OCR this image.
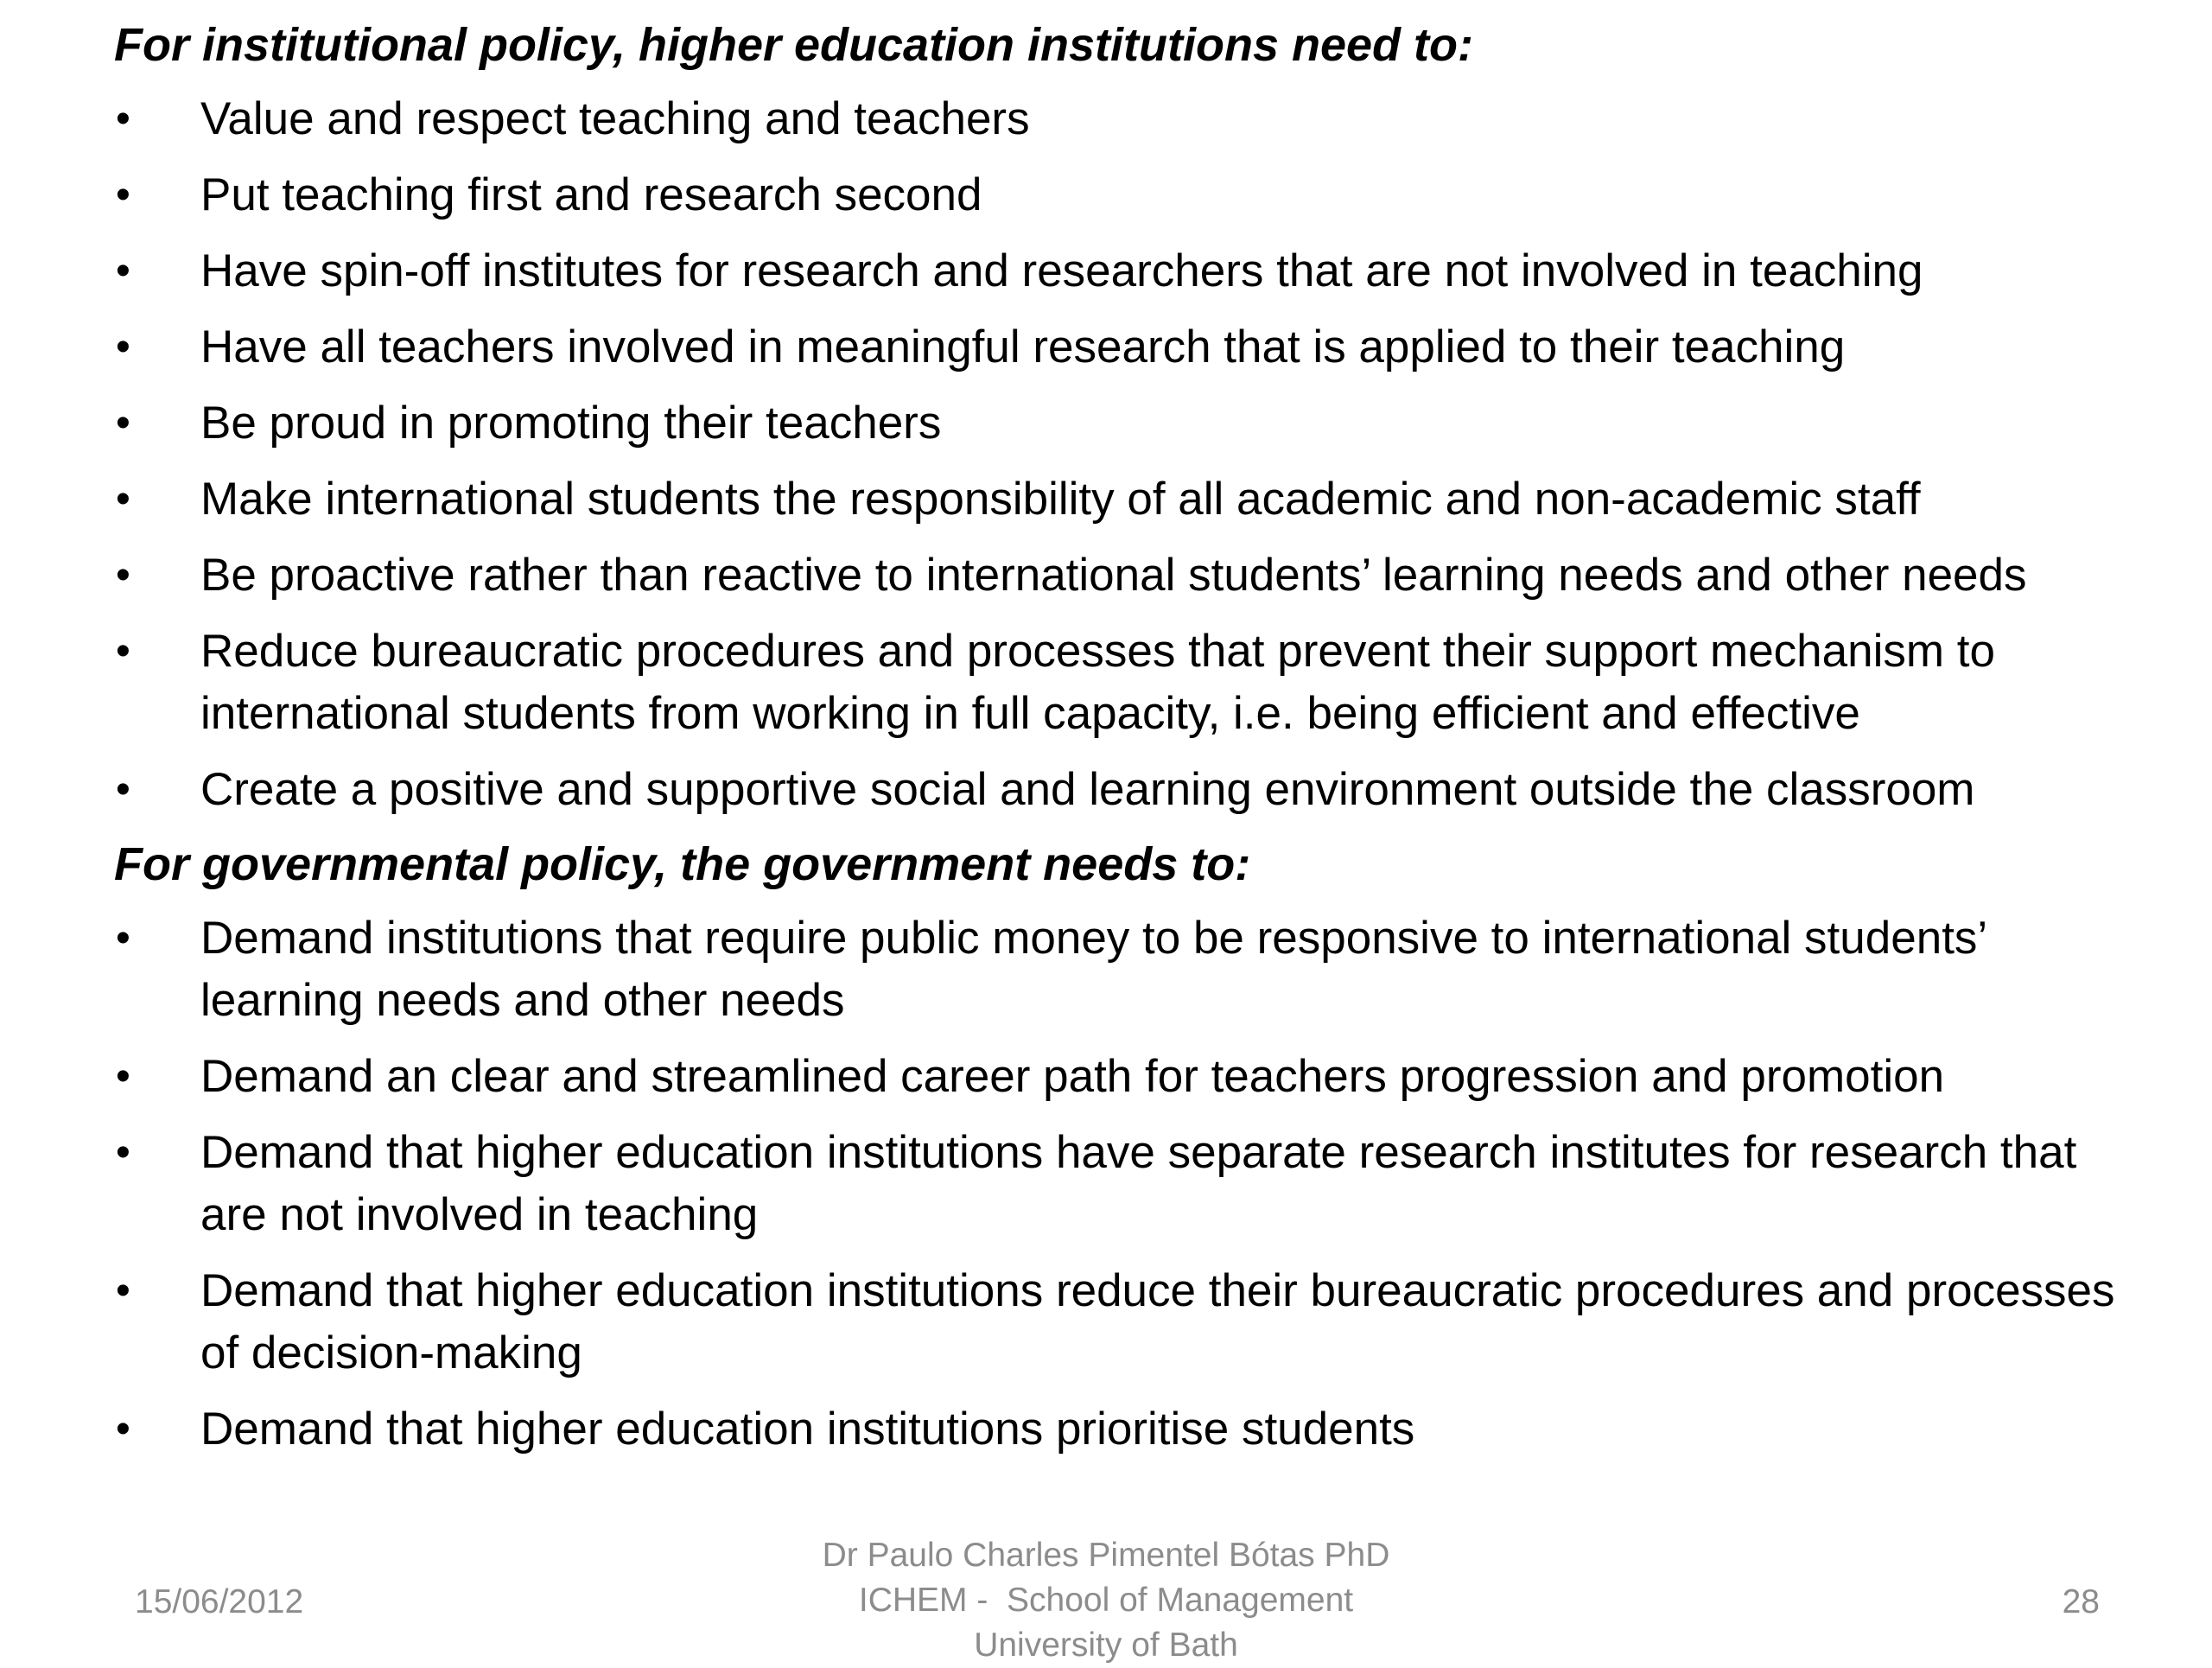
For institutional policy, higher education institutions need to:

• Value and respect teaching and teachers
• Put teaching first and research second
• Have spin-off institutes for research and researchers that are not involved in teaching
• Have all teachers involved in meaningful research that is applied to their teaching
• Be proud in promoting their teachers
• Make international students the responsibility of all academic and non-academic staff
• Be proactive rather than reactive to international students’ learning needs and other needs
• Reduce bureaucratic procedures and processes that prevent their support mechanism to international students from working in full capacity, i.e. being efficient and effective
• Create a positive and supportive social and learning environment outside the classroom

For governmental policy, the government needs to:

• Demand institutions that require public money to be responsive to international students’ learning needs and other needs
• Demand an clear and streamlined career path for teachers progression and promotion
• Demand that higher education institutions have separate research institutes for research that are not involved in teaching
• Demand that higher education institutions reduce their bureaucratic procedures and processes of decision-making
• Demand that higher education institutions prioritise students
15/06/2012
Dr Paulo Charles Pimentel Bótas PhD
ICHEM -  School of Management
University of Bath
28
